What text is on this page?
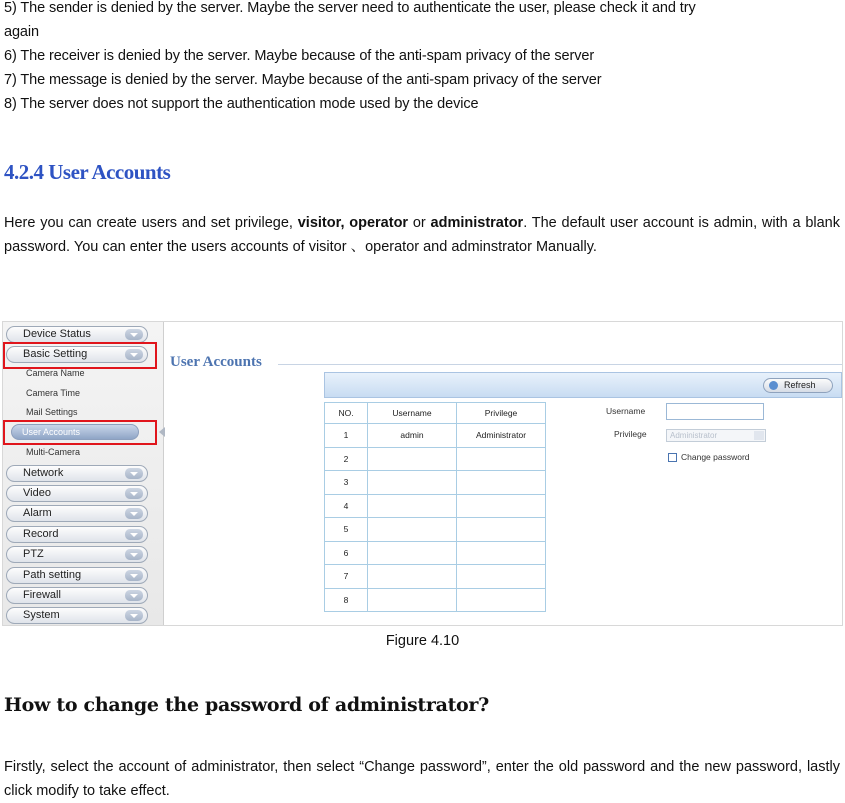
5) The sender is denied by the server. Maybe the server need to authenticate the user, please check it and try
again
6) The receiver is denied by the server. Maybe because of the anti-spam privacy of the server
7) The message is denied by the server. Maybe because of the anti-spam privacy of the server
8) The server does not support the authentication mode used by the device
4.2.4 User Accounts
Here you can create users and set privilege, visitor, operator or administrator. The default user account is admin, with a blank password. You can enter the users accounts of visitor 、operator and adminstrator Manually.
Device Status
Basic Setting
Camera Name
Camera Time
Mail Settings
User Accounts
Multi-Camera
Network
Video
Alarm
Record
PTZ
Path setting
Firewall
System
User Accounts
Refresh
NO.	Username	Privilege
1	admin	Administrator
2		
3		
4		
5		
6		
7		
8		
Username
Privilege	Administrator
Change password
Figure 4.10
How to change the password of administrator?
Firstly, select the account of administrator, then select “Change password”, enter the old password and the new password, lastly click modify to take effect.
